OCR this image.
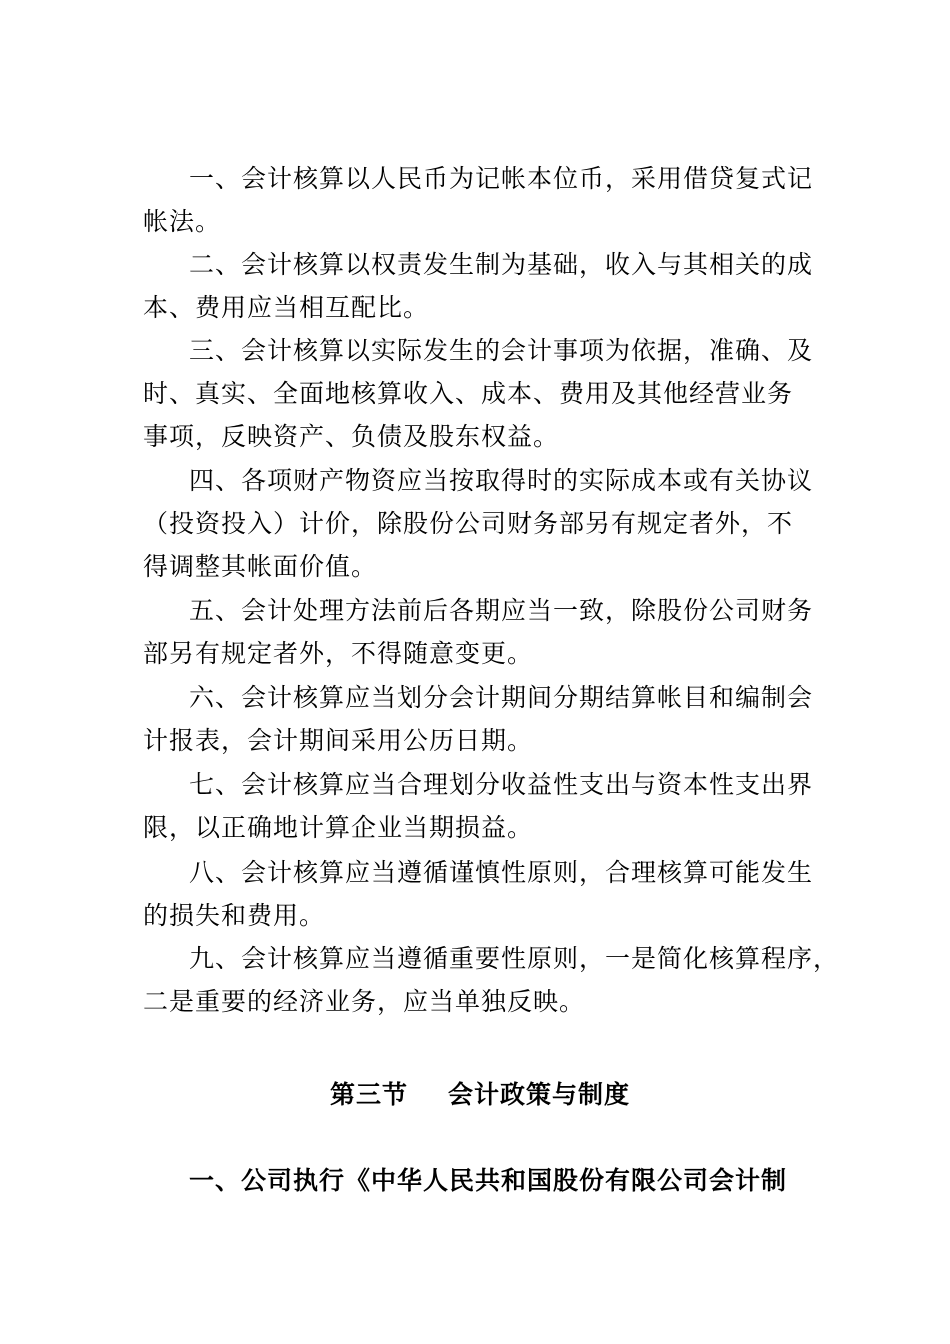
一、会计核算以人民币为记帐本位币，采用借贷复式记
帐法。
二、会计核算以权责发生制为基础，收入与其相关的成
本、费用应当相互配比。
三、会计核算以实际发生的会计事项为依据，准确、及
时、真实、全面地核算收入、成本、费用及其他经营业务
事项，反映资产、负债及股东权益。
四、各项财产物资应当按取得时的实际成本或有关协议
（投资投入）计价，除股份公司财务部另有规定者外，不
得调整其帐面价值。
五、会计处理方法前后各期应当一致，除股份公司财务
部另有规定者外，不得随意变更。
六、会计核算应当划分会计期间分期结算帐目和编制会
计报表，会计期间采用公历日期。
七、会计核算应当合理划分收益性支出与资本性支出界
限，以正确地计算企业当期损益。
八、会计核算应当遵循谨慎性原则，合理核算可能发生
的损失和费用。
九、会计核算应当遵循重要性原则，一是简化核算程序，
二是重要的经济业务，应当单独反映。
第三节 会计政策与制度
一、公司执行《中华人民共和国股份有限公司会计制
